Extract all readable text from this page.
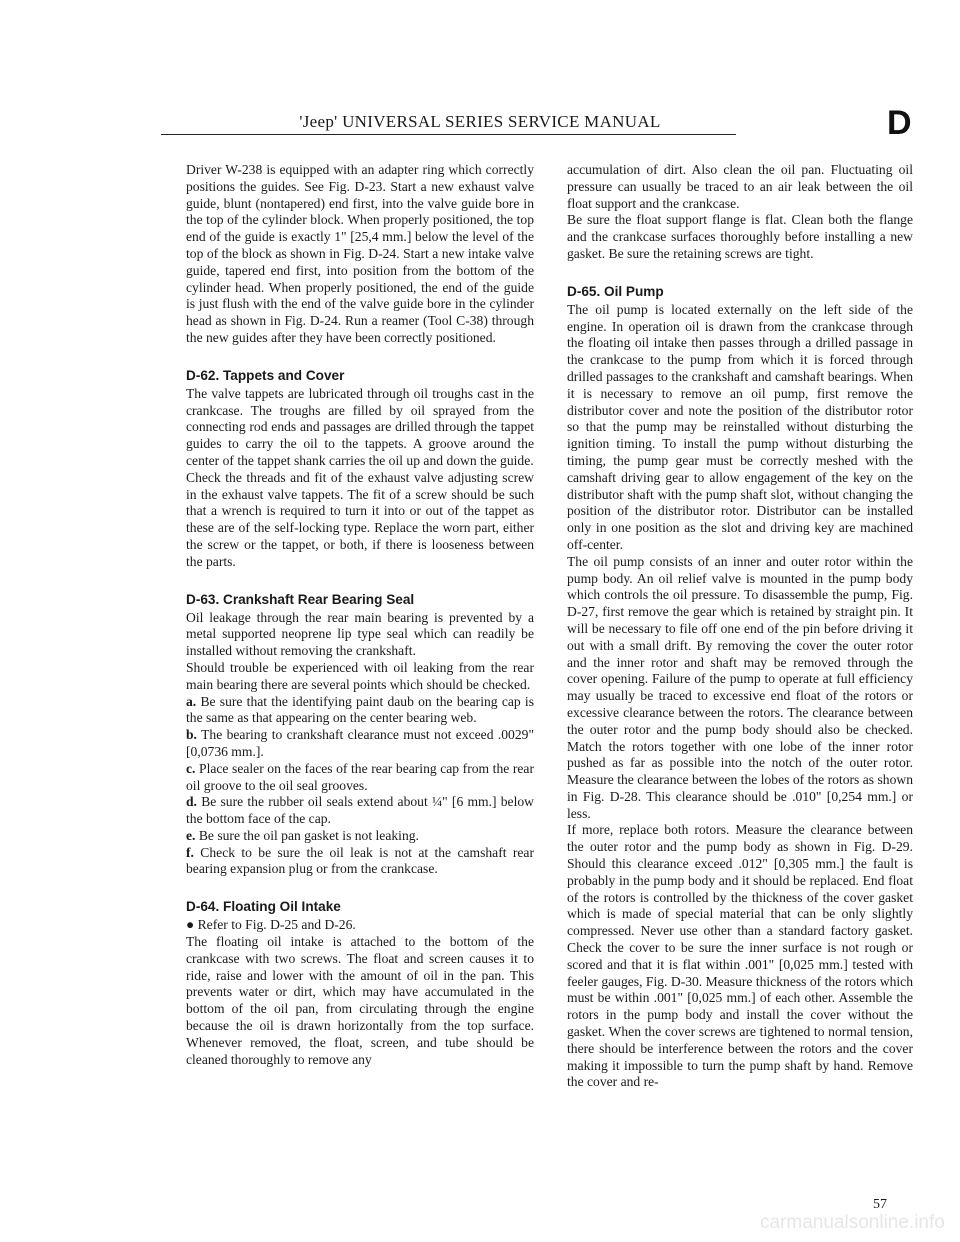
'Jeep' UNIVERSAL SERIES SERVICE MANUAL	D

Driver W-238 is equipped with an adapter ring which correctly positions the guides. See Fig. D-23. Start a new exhaust valve guide, blunt (nontapered) end first, into the valve guide bore in the top of the cylinder block. When properly positioned, the top end of the guide is exactly 1" [25,4 mm.] below the level of the top of the block as shown in Fig. D-24. Start a new intake valve guide, tapered end first, into position from the bottom of the cylinder head. When properly positioned, the end of the guide is just flush with the end of the valve guide bore in the cylinder head as shown in Fig. D-24. Run a reamer (Tool C-38) through the new guides after they have been correctly positioned.

D-62. Tappets and Cover

The valve tappets are lubricated through oil troughs cast in the crankcase. The troughs are filled by oil sprayed from the connecting rod ends and passages are drilled through the tappet guides to carry the oil to the tappets. A groove around the center of the tappet shank carries the oil up and down the guide.

Check the threads and fit of the exhaust valve adjusting screw in the exhaust valve tappets. The fit of a screw should be such that a wrench is required to turn it into or out of the tappet as these are of the self-locking type. Replace the worn part, either the screw or the tappet, or both, if there is looseness between the parts.

D-63. Crankshaft Rear Bearing Seal

Oil leakage through the rear main bearing is prevented by a metal supported neoprene lip type seal which can readily be installed without removing the crankshaft.

Should trouble be experienced with oil leaking from the rear main bearing there are several points which should be checked.

a. Be sure that the identifying paint daub on the bearing cap is the same as that appearing on the center bearing web.

b. The bearing to crankshaft clearance must not exceed .0029" [0,0736 mm.].

c. Place sealer on the faces of the rear bearing cap from the rear oil groove to the oil seal grooves.

d. Be sure the rubber oil seals extend about ¼" [6 mm.] below the bottom face of the cap.

e. Be sure the oil pan gasket is not leaking.

f. Check to be sure the oil leak is not at the camshaft rear bearing expansion plug or from the crankcase.

D-64. Floating Oil Intake

● Refer to Fig. D-25 and D-26.

The floating oil intake is attached to the bottom of the crankcase with two screws. The float and screen causes it to ride, raise and lower with the amount of oil in the pan. This prevents water or dirt, which may have accumulated in the bottom of the oil pan, from circulating through the engine because the oil is drawn horizontally from the top surface. Whenever removed, the float, screen, and tube should be cleaned thoroughly to remove any

accumulation of dirt. Also clean the oil pan. Fluctuating oil pressure can usually be traced to an air leak between the oil float support and the crankcase.

Be sure the float support flange is flat. Clean both the flange and the crankcase surfaces thoroughly before installing a new gasket. Be sure the retaining screws are tight.

D-65. Oil Pump

The oil pump is located externally on the left side of the engine. In operation oil is drawn from the crankcase through the floating oil intake then passes through a drilled passage in the crankcase to the pump from which it is forced through drilled passages to the crankshaft and camshaft bearings. When it is necessary to remove an oil pump, first remove the distributor cover and note the position of the distributor rotor so that the pump may be reinstalled without disturbing the ignition timing. To install the pump without disturbing the timing, the pump gear must be correctly meshed with the camshaft driving gear to allow engagement of the key on the distributor shaft with the pump shaft slot, without changing the position of the distributor rotor. Distributor can be installed only in one position as the slot and driving key are machined off-center.

The oil pump consists of an inner and outer rotor within the pump body. An oil relief valve is mounted in the pump body which controls the oil pressure. To disassemble the pump, Fig. D-27, first remove the gear which is retained by straight pin. It will be necessary to file off one end of the pin before driving it out with a small drift. By removing the cover the outer rotor and the inner rotor and shaft may be removed through the cover opening. Failure of the pump to operate at full efficiency may usually be traced to excessive end float of the rotors or excessive clearance between the rotors. The clearance between the outer rotor and the pump body should also be checked. Match the rotors together with one lobe of the inner rotor pushed as far as possible into the notch of the outer rotor. Measure the clearance between the lobes of the rotors as shown in Fig. D-28. This clearance should be .010" [0,254 mm.] or less.

If more, replace both rotors. Measure the clearance between the outer rotor and the pump body as shown in Fig. D-29. Should this clearance exceed .012" [0,305 mm.] the fault is probably in the pump body and it should be replaced. End float of the rotors is controlled by the thickness of the cover gasket which is made of special material that can be only slightly compressed. Never use other than a standard factory gasket. Check the cover to be sure the inner surface is not rough or scored and that it is flat within .001" [0,025 mm.] tested with feeler gauges, Fig. D-30. Measure thickness of the rotors which must be within .001" [0,025 mm.] of each other. Assemble the rotors in the pump body and install the cover without the gasket. When the cover screws are tightened to normal tension, there should be interference between the rotors and the cover making it impossible to turn the pump shaft by hand. Remove the cover and re-

57
carmanualsonline.info
